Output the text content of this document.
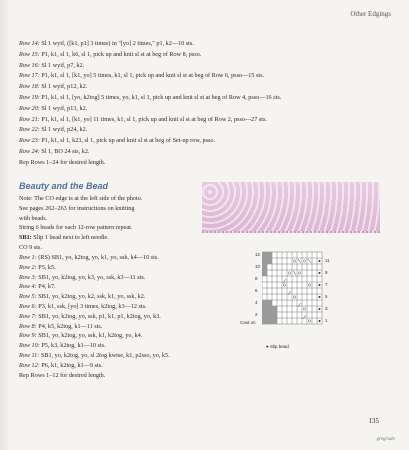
Other Edgings
Row 14: Sl 1 wyif, ([k1, p1] 3 times) in "[yo] 2 times," p1, k2—10 sts.
Row 15: P1, k1, sl 1, k6, sl 1, pick up and knit sl st at beg of Row 8, psso.
Row 16: Sl 1 wyif, p7, k2.
Row 17: P1, k1, sl 1, [k1, yo] 5 times, k1, sl 1, pick up and knit sl st at beg of Row 6, psso—15 sts.
Row 18: Sl 1 wyif, p12, k2.
Row 19: P1, k1, sl 1, [yo, k2tog] 5 times, yo, k1, sl 1, pick up and knit sl st at beg of Row 4, psso—16 sts.
Row 20: Sl 1 wyif, p13, k2.
Row 21: P1, k1, sl 1, [k1, yo] 11 times, k1, sl 1, pick up and knit sl st at beg of Row 2, psso—27 sts.
Row 22: Sl 1 wyif, p24, k2.
Row 23: P1, k1, sl 1, k23, sl 1, pick up and knit sl st at beg of Set-up row, psso.
Row 24: Sl 1, BO 24 sts, k2.
Rep Rows 1–24 for desired length.
Beauty and the Bead
Note: The CO edge is at the left side of the photo.
See pages 262–263 for instructions on knitting
with beads.
String 6 beads for each 12-row pattern repeat.
SB1: Slip 1 bead next to left needle.
CO 9 sts.
Row 1: (RS) SB1, yo, k2tog, yo, k1, yo, ssk, k4—10 sts.
Row 2: P5, k5.
Row 3: SB1, yo, k2tog, yo, k3, yo, ssk, k3—11 sts.
Row 4: P4, k7.
Row 5: SB1, yo, k2tog, yo, k2, ssk, k1, yo, ssk, k2.
Row 6: P3, k1, ssk, [yo] 3 times, k2tog, k3—12 sts.
Row 7: SB1, yo, k2tog, yo, ssk, p1, k1, p1, k2tog, yo, k3.
Row 8: P4, k5, k2tog, k1—11 sts.
Row 9: SB1, yo, k2tog, yo, ssk, k1, k2tog, yo, k4.
Row 10: P5, k3, k2tog, k1—10 sts.
Row 11: SB1, yo, k2tog, yo, sl 2tog kwise, k1, p2sso, yo, k5.
Row 12: P6, k1, k2tog, k1—9 sts.
Rep Rows 1–12 for desired length.
11
9
7
5
3
1
12
10
8
6
4
2
Cast on
● Slip bead
135
gregrado
